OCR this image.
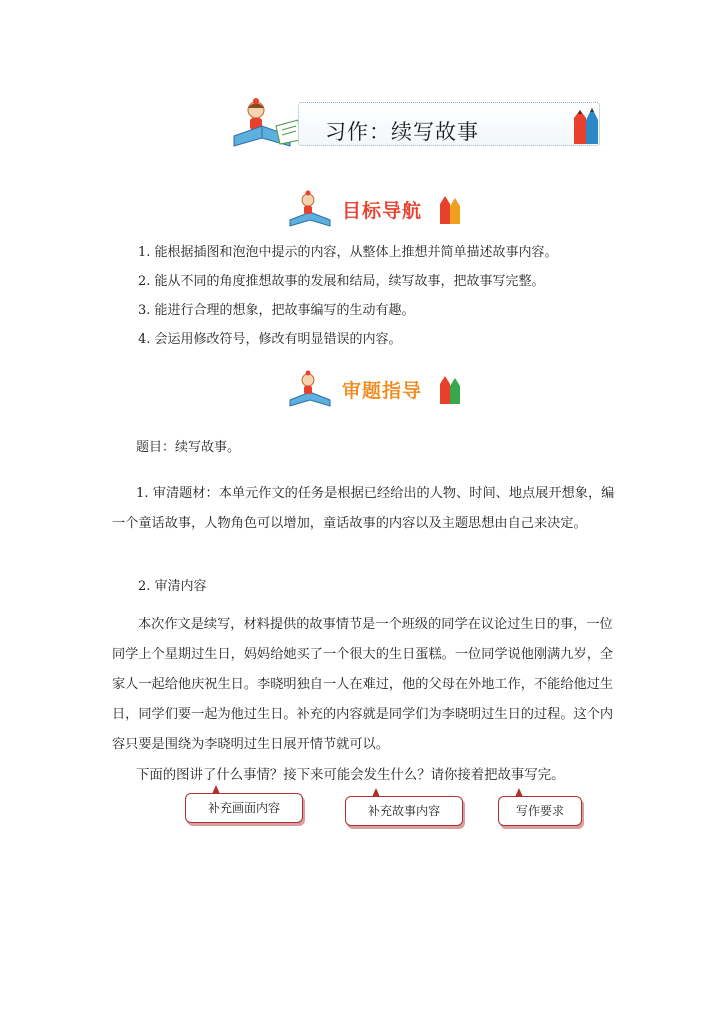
习作：续写故事
目标导航
1. 能根据插图和泡泡中提示的内容，从整体上推想并简单描述故事内容。
2. 能从不同的角度推想故事的发展和结局，续写故事，把故事写完整。
3. 能进行合理的想象，把故事编写的生动有趣。
4. 会运用修改符号，修改有明显错误的内容。
审题指导
题目：续写故事。
1. 审清题材：本单元作文的任务是根据已经给出的人物、时间、地点展开想象，编一个童话故事，人物角色可以增加，童话故事的内容以及主题思想由自己来决定。
2. 审清内容
本次作文是续写，材料提供的故事情节是一个班级的同学在议论过生日的事，一位同学上个星期过生日，妈妈给她买了一个很大的生日蛋糕。一位同学说他刚满九岁，全家人一起给他庆祝生日。李晓明独自一人在难过，他的父母在外地工作，不能给他过生日，同学们要一起为他过生日。补充的内容就是同学们为李晓明过生日的过程。这个内容只要是围绕为李晓明过生日展开情节就可以。
下面的图讲了什么事情？接下来可能会发生什么？请你接着把故事写完。
补充画面内容	补充故事内容	写作要求
